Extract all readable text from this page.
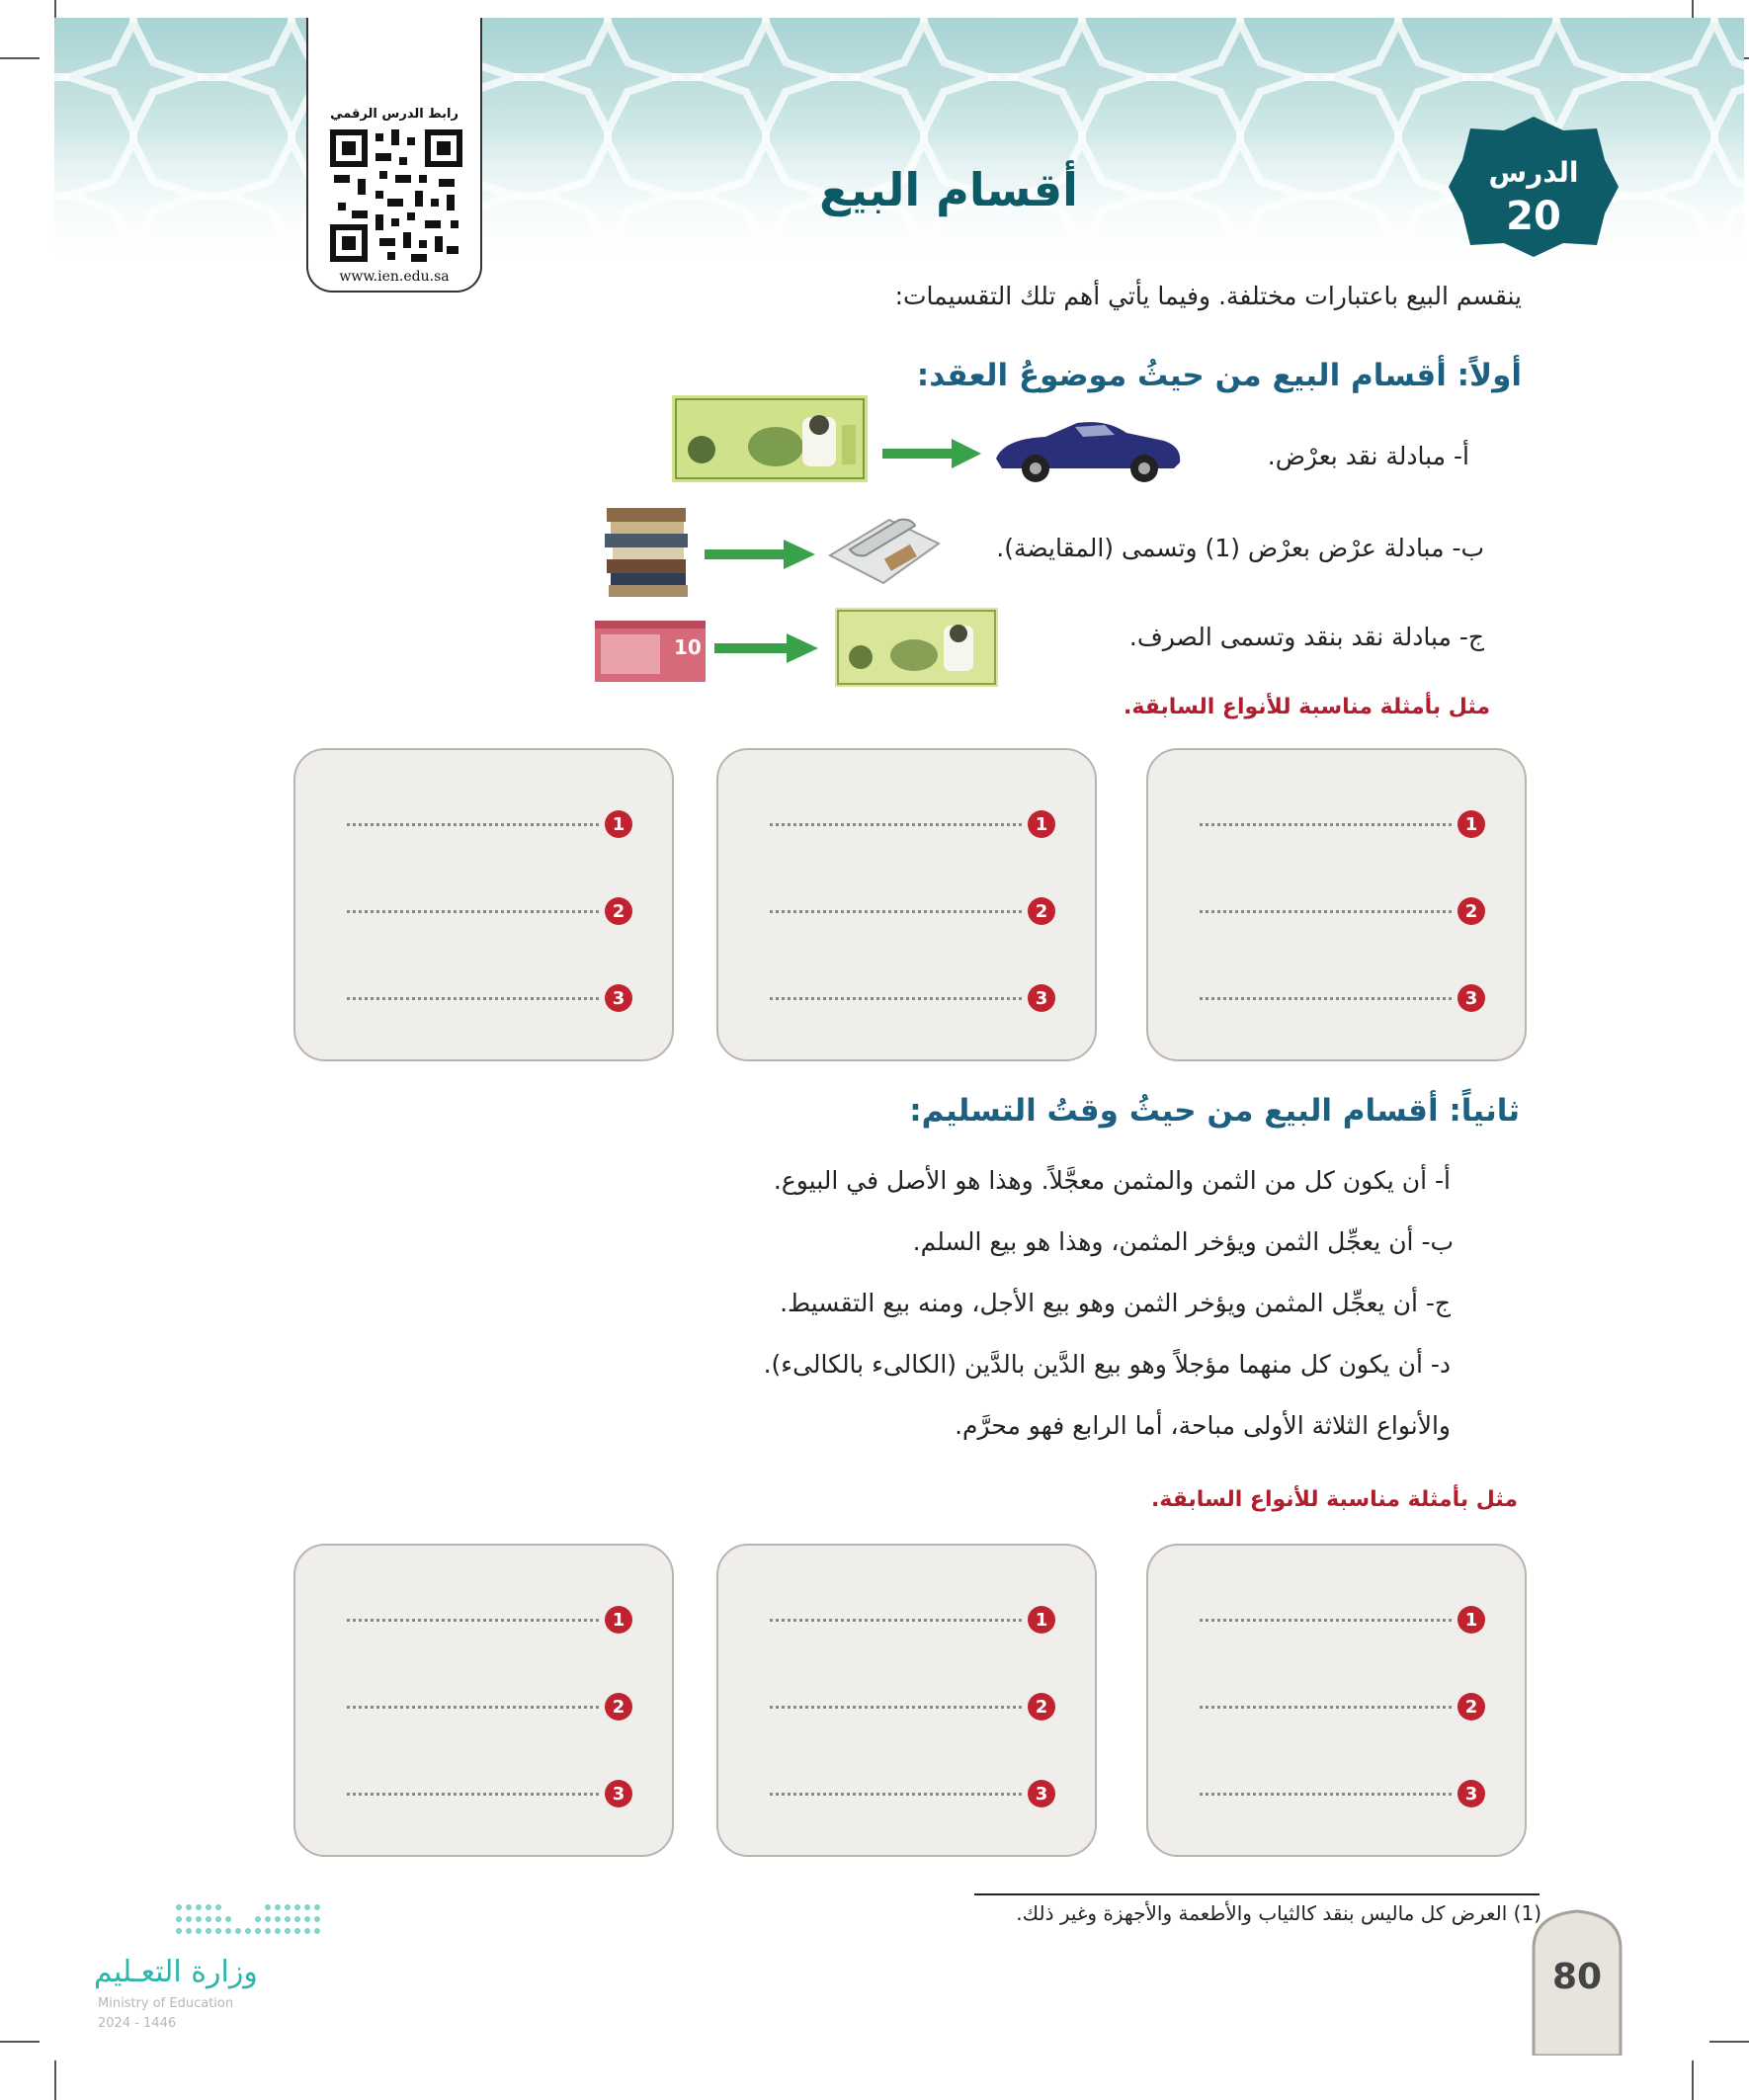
رابط الدرس الرقمي
www.ien.edu.sa
الدرس
20
أقسام البيع
ينقسم البيع باعتبارات مختلفة. وفيما يأتي أهم تلك التقسيمات:
أولاً: أقسام البيع من حيثُ موضوعُ العقد:
أ- مبادلة نقد بعرْض.
ب- مبادلة عرْض بعرْض (1) وتسمى (المقايضة).
ج- مبادلة نقد بنقد وتسمى الصرف.
10
مثل بأمثلة مناسبة للأنواع السابقة.
1
2
3
1
2
3
1
2
3
ثانياً: أقسام البيع من حيثُ وقتُ التسليم:
أ- أن يكون كل من الثمن والمثمن معجَّلاً. وهذا هو الأصل في البيوع.
ب- أن يعجِّل الثمن ويؤخر المثمن، وهذا هو بيع السلم.
ج- أن يعجِّل المثمن ويؤخر الثمن وهو بيع الأجل، ومنه بيع التقسيط.
د- أن يكون كل منهما مؤجلاً وهو بيع الدَّين بالدَّين (الكالىء بالكالىء).
والأنواع الثلاثة الأولى مباحة، أما الرابع فهو محرَّم.
مثل بأمثلة مناسبة للأنواع السابقة.
1
2
3
1
2
3
1
2
3
(1) العرض كل ماليس بنقد كالثياب والأطعمة والأجهزة وغير ذلك.
80
وزارة التعـليم
Ministry of Education
2024 - 1446
